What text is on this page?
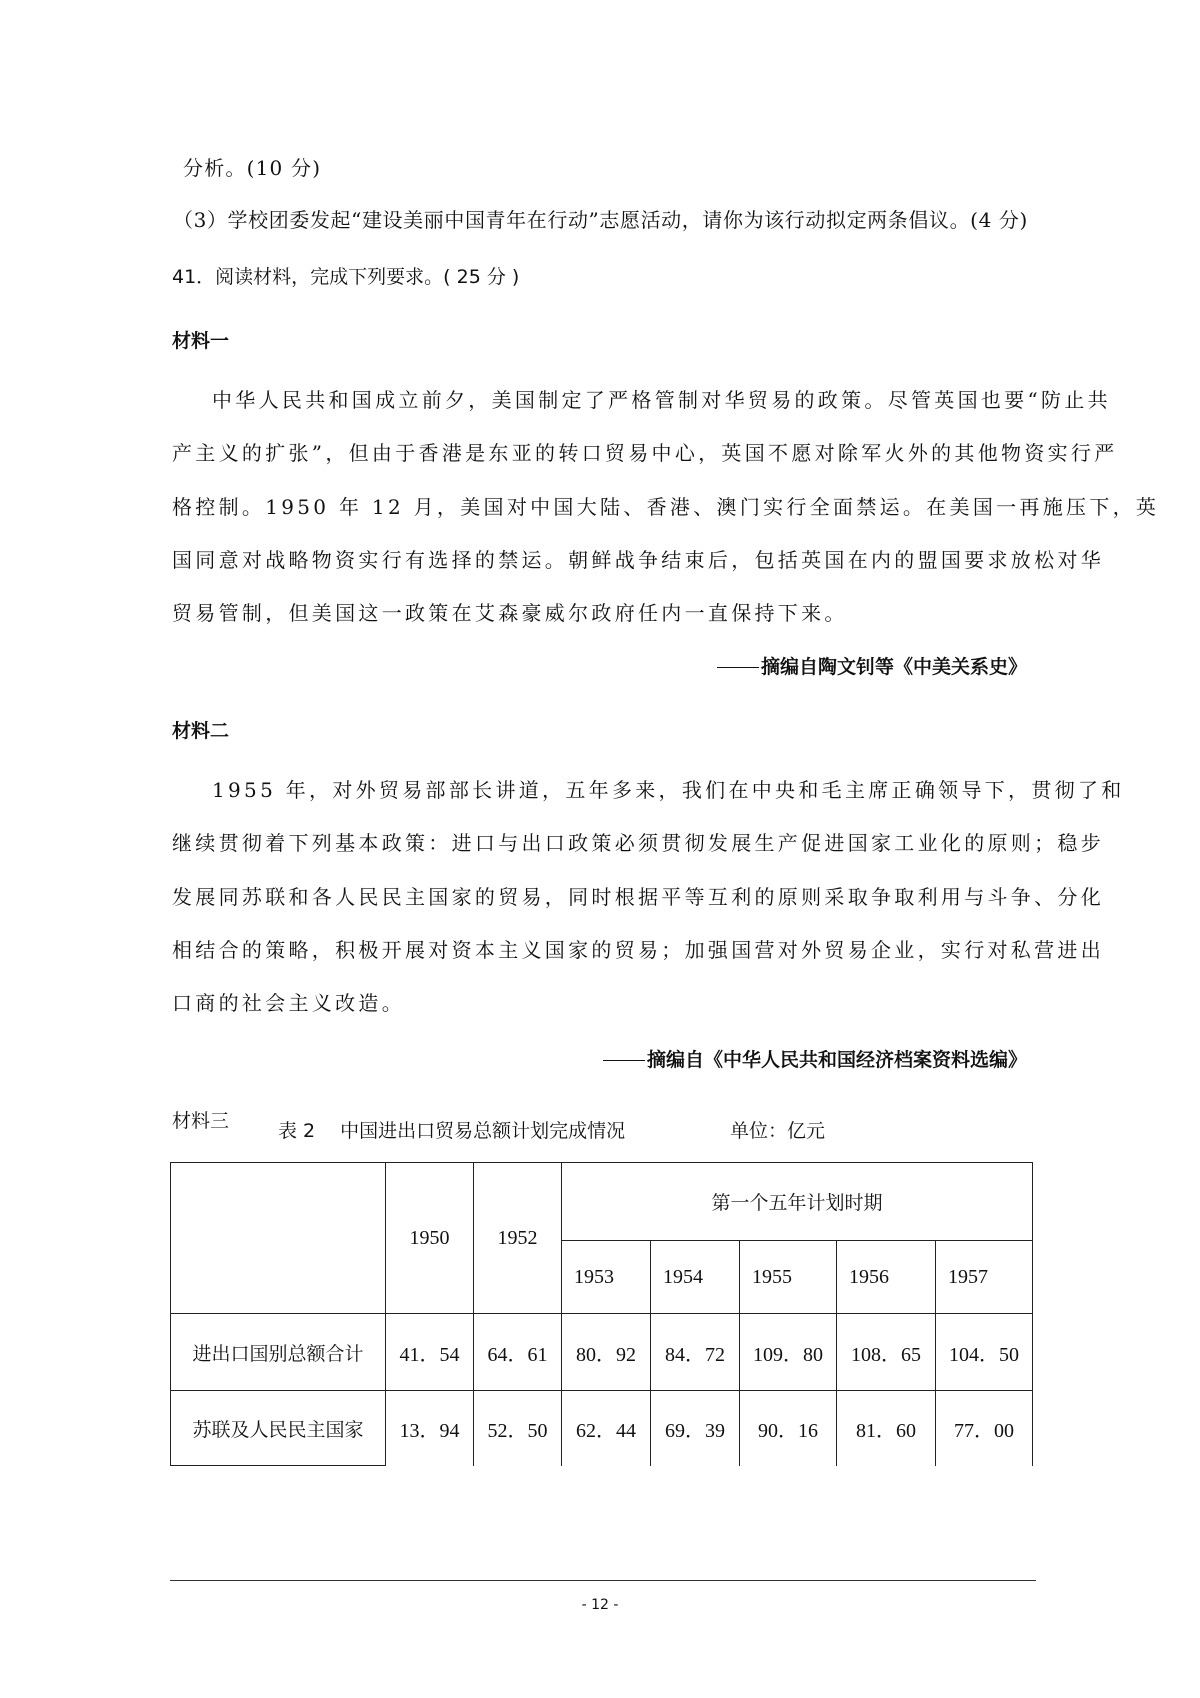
分析。(10 分)
（3）学校团委发起“建设美丽中国青年在行动”志愿活动，请你为该行动拟定两条倡议。(4 分)
41．阅读材料，完成下列要求。( 25 分 )
材料一
中华人民共和国成立前夕，美国制定了严格管制对华贸易的政策。尽管英国也要“防止共
产主义的扩张”，但由于香港是东亚的转口贸易中心，英国不愿对除军火外的其他物资实行严
格控制。1950 年 12 月，美国对中国大陆、香港、澳门实行全面禁运。在美国一再施压下，英
国同意对战略物资实行有选择的禁运。朝鲜战争结束后，包括英国在内的盟国要求放松对华
贸易管制，但美国这一政策在艾森豪威尔政府任内一直保持下来。
摘编自陶文钊等《中美关系史》
材料二
1955 年，对外贸易部部长讲道，五年多来，我们在中央和毛主席正确领导下，贯彻了和
继续贯彻着下列基本政策：进口与出口政策必须贯彻发展生产促进国家工业化的原则；稳步
发展同苏联和各人民民主国家的贸易，同时根据平等互利的原则采取争取利用与斗争、分化
相结合的策略，积极开展对资本主义国家的贸易；加强国营对外贸易企业，实行对私营进出
口商的社会主义改造。
摘编自《中华人民共和国经济档案资料选编》
材料三	表 2　 中国进出口贸易总额计划完成情况	单位：亿元
	1950	1952	第一个五年计划时期				
			1953	1954	1955	1956	1957
进出口国别总额合计	41．54	64．61	80．92	84．72	109．80	108．65	104．50
苏联及人民民主国家	13．94	52．50	62．44	69．39	90．16	81．60	77．00
- 12 -
